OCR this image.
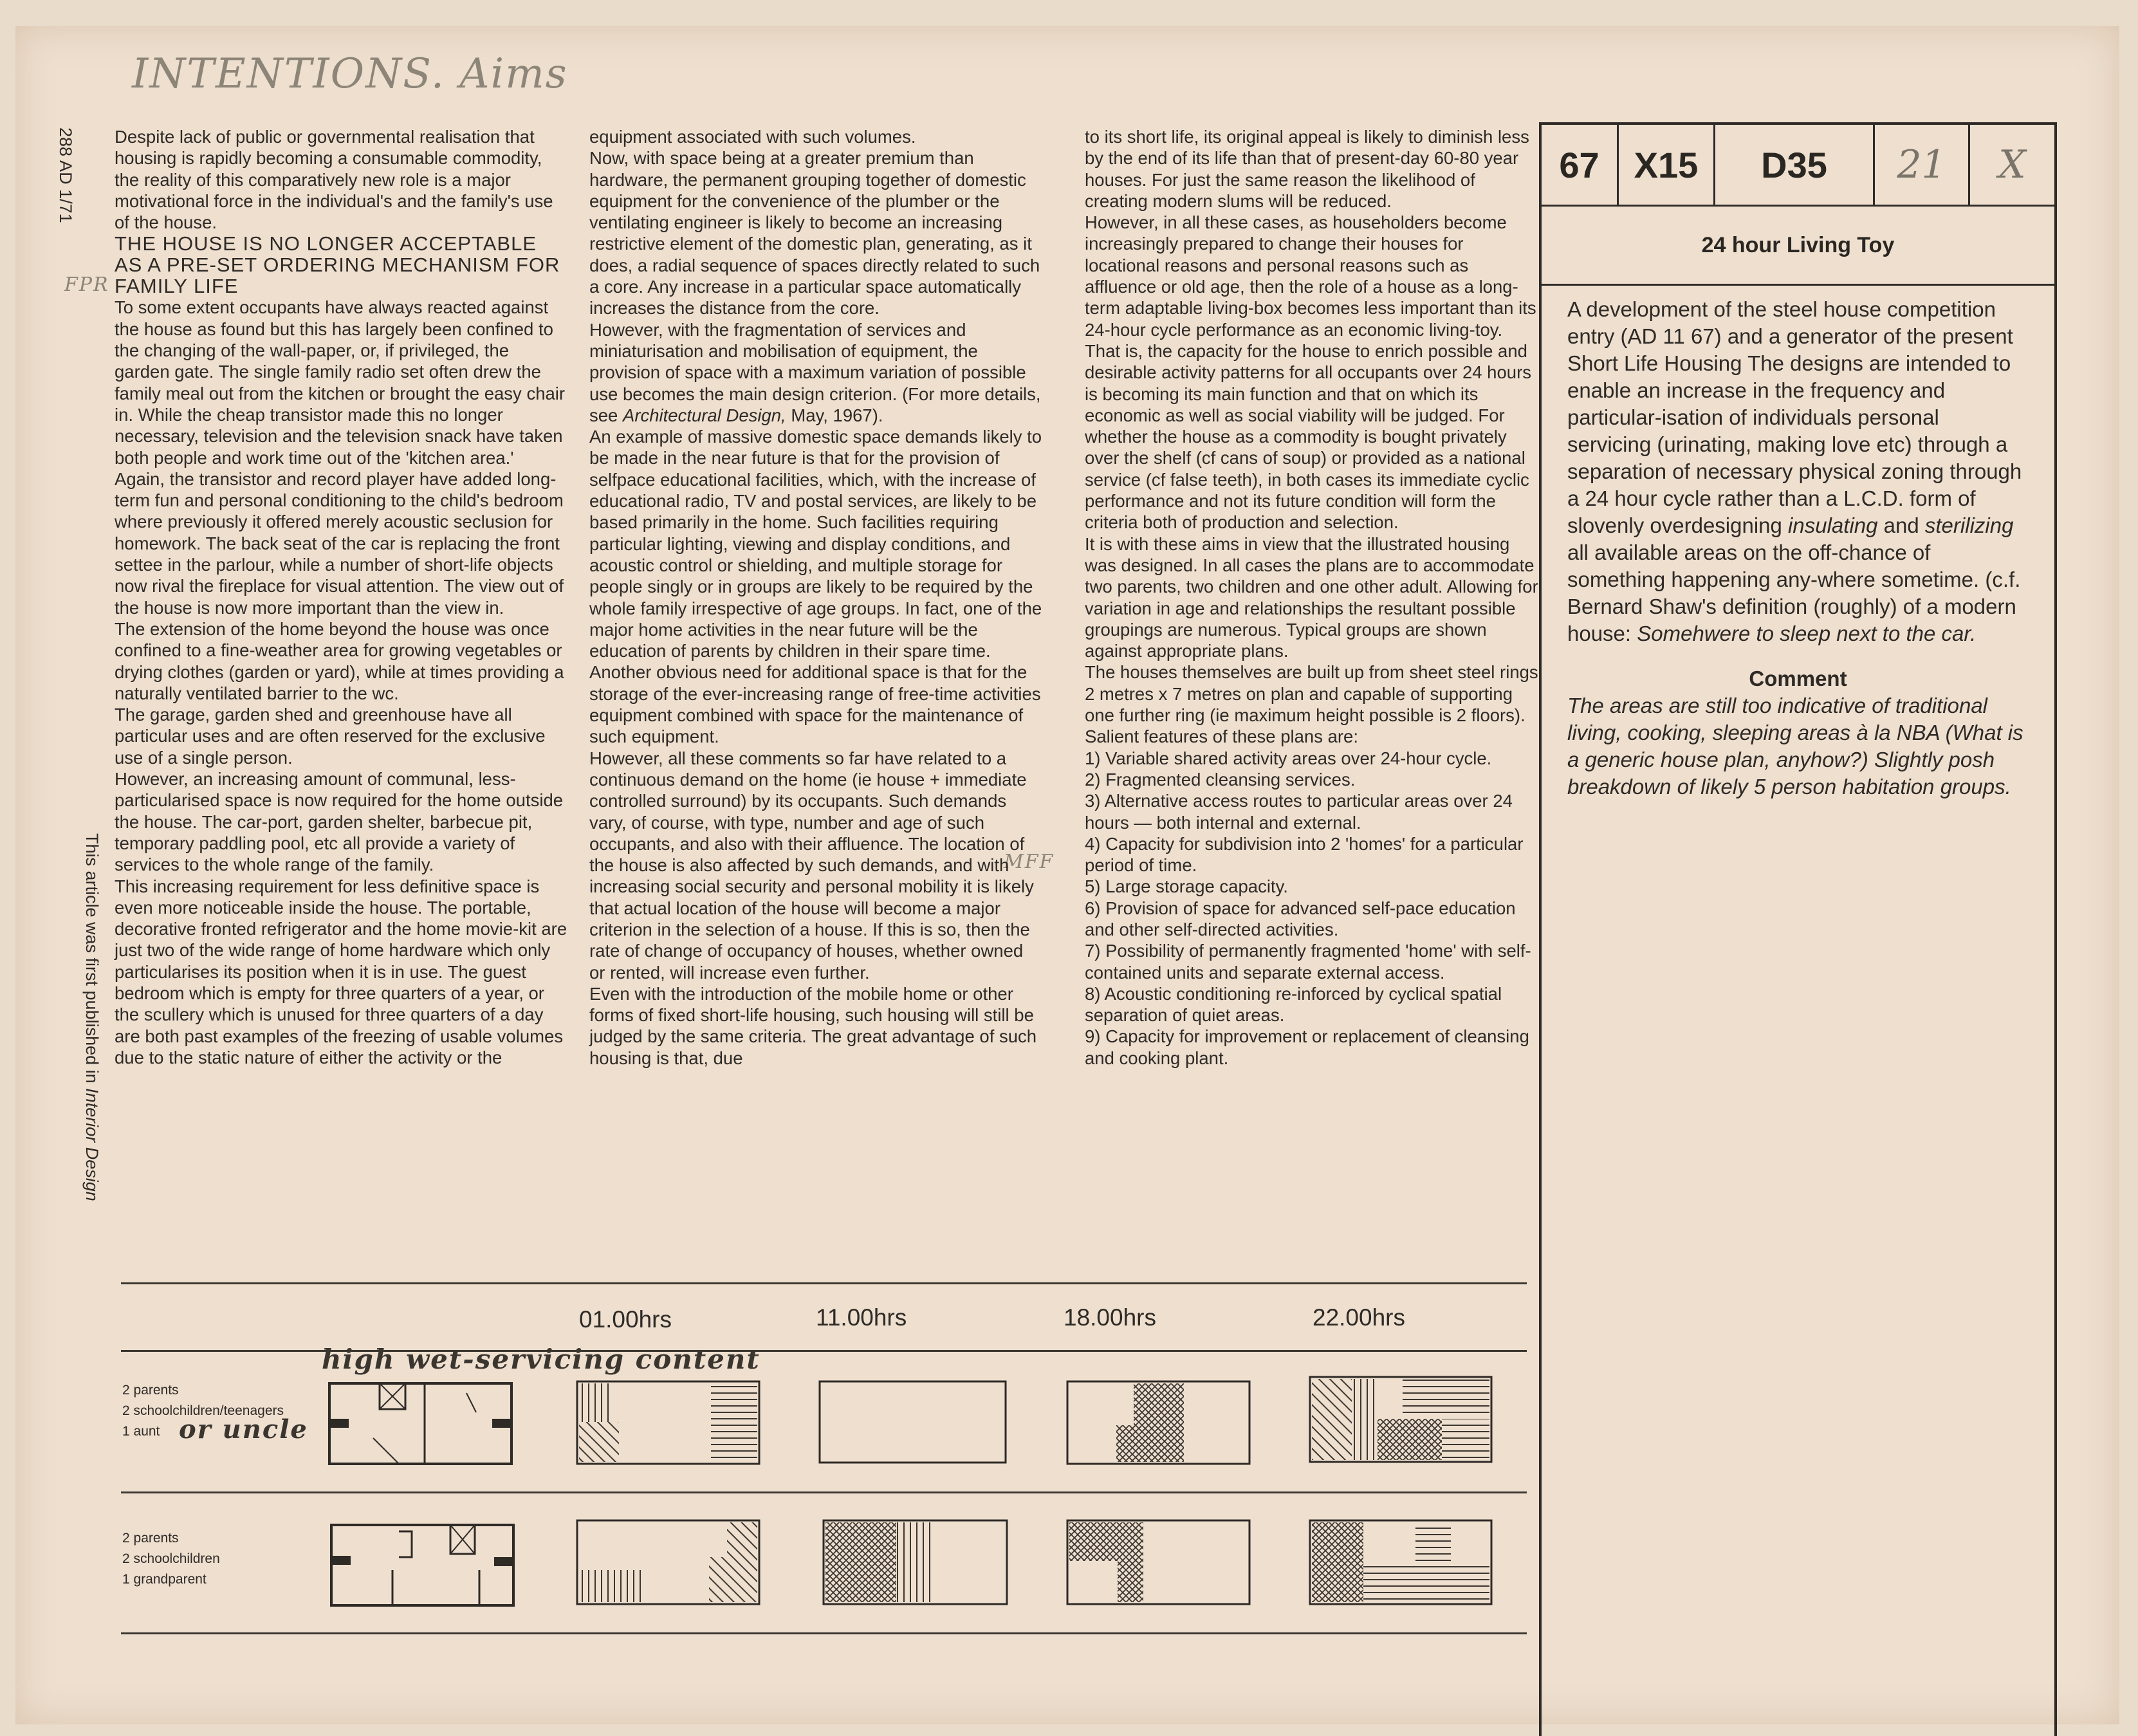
INTENTIONS. Aims
FPR
MFF
288 AD 1/71
This article was first published in Interior Design

Despite lack of public or governmental realisation that housing is rapidly becoming a consumable commodity, the reality of this comparatively new role is a major motivational force in the individual's and the family's use of the house.

THE HOUSE IS NO LONGER ACCEPTABLE AS A PRE-SET ORDERING MECHANISM FOR FAMILY LIFE

To some extent occupants have always reacted against the house as found but this has largely been confined to the changing of the wall-paper, or, if privileged, the garden gate. The single family radio set often drew the family meal out from the kitchen or brought the easy chair in. While the cheap transistor made this no longer necessary, television and the television snack have taken both people and work time out of the 'kitchen area.'

Again, the transistor and record player have added long-term fun and personal conditioning to the child's bedroom where previously it offered merely acoustic seclusion for homework. The back seat of the car is replacing the front settee in the parlour, while a number of short-life objects now rival the fireplace for visual attention. The view out of the house is now more important than the view in.

The extension of the home beyond the house was once confined to a fine-weather area for growing vegetables or drying clothes (garden or yard), while at times providing a naturally ventilated barrier to the wc.

The garage, garden shed and greenhouse have all particular uses and are often reserved for the exclusive use of a single person.

However, an increasing amount of communal, less-particularised space is now required for the home outside the house. The car-port, garden shelter, barbecue pit, temporary paddling pool, etc all provide a variety of services to the whole range of the family.

This increasing requirement for less definitive space is even more noticeable inside the house. The portable, decorative fronted refrigerator and the home movie-kit are just two of the wide range of home hardware which only particularises its position when it is in use. The guest bedroom which is empty for three quarters of a year, or the scullery which is unused for three quarters of a day are both past examples of the freezing of usable volumes due to the static nature of either the activity or the

equipment associated with such volumes.

Now, with space being at a greater premium than hardware, the permanent grouping together of domestic equipment for the convenience of the plumber or the ventilating engineer is likely to become an increasing restrictive element of the domestic plan, generating, as it does, a radial sequence of spaces directly related to such a core. Any increase in a particular space automatically increases the distance from the core.

However, with the fragmentation of services and miniaturisation and mobilisation of equipment, the provision of space with a maximum variation of possible use becomes the main design criterion. (For more details, see Architectural Design, May, 1967).

An example of massive domestic space demands likely to be made in the near future is that for the provision of selfpace educational facilities, which, with the increase of educational radio, TV and postal services, are likely to be based primarily in the home. Such facilities requiring particular lighting, viewing and display conditions, and acoustic control or shielding, and multiple storage for people singly or in groups are likely to be required by the whole family irrespective of age groups. In fact, one of the major home activities in the near future will be the education of parents by children in their spare time.

Another obvious need for additional space is that for the storage of the ever-increasing range of free-time activities equipment combined with space for the maintenance of such equipment.

However, all these comments so far have related to a continuous demand on the home (ie house + immediate controlled surround) by its occupants. Such demands vary, of course, with type, number and age of such occupants, and also with their affluence. The location of the house is also affected by such demands, and with increasing social security and personal mobility it is likely that actual location of the house will become a major criterion in the selection of a house. If this is so, then the rate of change of occupancy of houses, whether owned or rented, will increase even further.

Even with the introduction of the mobile home or other forms of fixed short-life housing, such housing will still be judged by the same criteria. The great advantage of such housing is that, due

to its short life, its original appeal is likely to diminish less by the end of its life than that of present-day 60-80 year houses. For just the same reason the likelihood of creating modern slums will be reduced.

However, in all these cases, as householders become increasingly prepared to change their houses for locational reasons and personal reasons such as affluence or old age, then the role of a house as a long-term adaptable living-box becomes less important than its 24-hour cycle performance as an economic living-toy. That is, the capacity for the house to enrich possible and desirable activity patterns for all occupants over 24 hours is becoming its main function and that on which its economic as well as social viability will be judged. For whether the house as a commodity is bought privately over the shelf (cf cans of soup) or provided as a national service (cf false teeth), in both cases its immediate cyclic performance and not its future condition will form the criteria both of production and selection.

It is with these aims in view that the illustrated housing was designed. In all cases the plans are to accommodate two parents, two children and one other adult. Allowing for variation in age and relationships the resultant possible groupings are numerous. Typical groups are shown against appropriate plans.

The houses themselves are built up from sheet steel rings 2 metres x 7 metres on plan and capable of supporting one further ring (ie maximum height possible is 2 floors).

Salient features of these plans are:

1) Variable shared activity areas over 24-hour cycle.
2) Fragmented cleansing services.
3) Alternative access routes to particular areas over 24 hours — both internal and external.
4) Capacity for subdivision into 2 'homes' for a particular period of time.
5) Large storage capacity.
6) Provision of space for advanced self-pace education and other self-directed activities.
7) Possibility of permanently fragmented 'home' with self-contained units and separate external access.
8) Acoustic conditioning re-inforced by cyclical spatial separation of quiet areas.
9) Capacity for improvement or replacement of cleansing and cooking plant.
67 X15	D35	21	X
24 hour Living Toy

A development of the steel house competition entry (AD 11 67) and a generator of the present Short Life Housing The designs are intended to enable an increase in the frequency and particular-isation of individuals personal servicing (urinating, making love etc) through a separation of necessary physical zoning through a 24 hour cycle rather than a L.C.D. form of slovenly overdesigning insulating and sterilizing all available areas on the off-chance of something happening any-where sometime. (c.f. Bernard Shaw's definition (roughly) of a modern house: Somehwere to sleep next to the car.

Comment

The areas are still too indicative of traditional living, cooking, sleeping areas à la NBA (What is a generic house plan, anyhow?) Slightly posh breakdown of likely 5 person habitation groups.

01.00hrs	11.00hrs	18.00hrs	22.00hrs
high wet-servicing content
2 parents
2 schoolchildren/teenagers
1 aunt or uncle
2 parents
2 schoolchildren
1 grandparent
